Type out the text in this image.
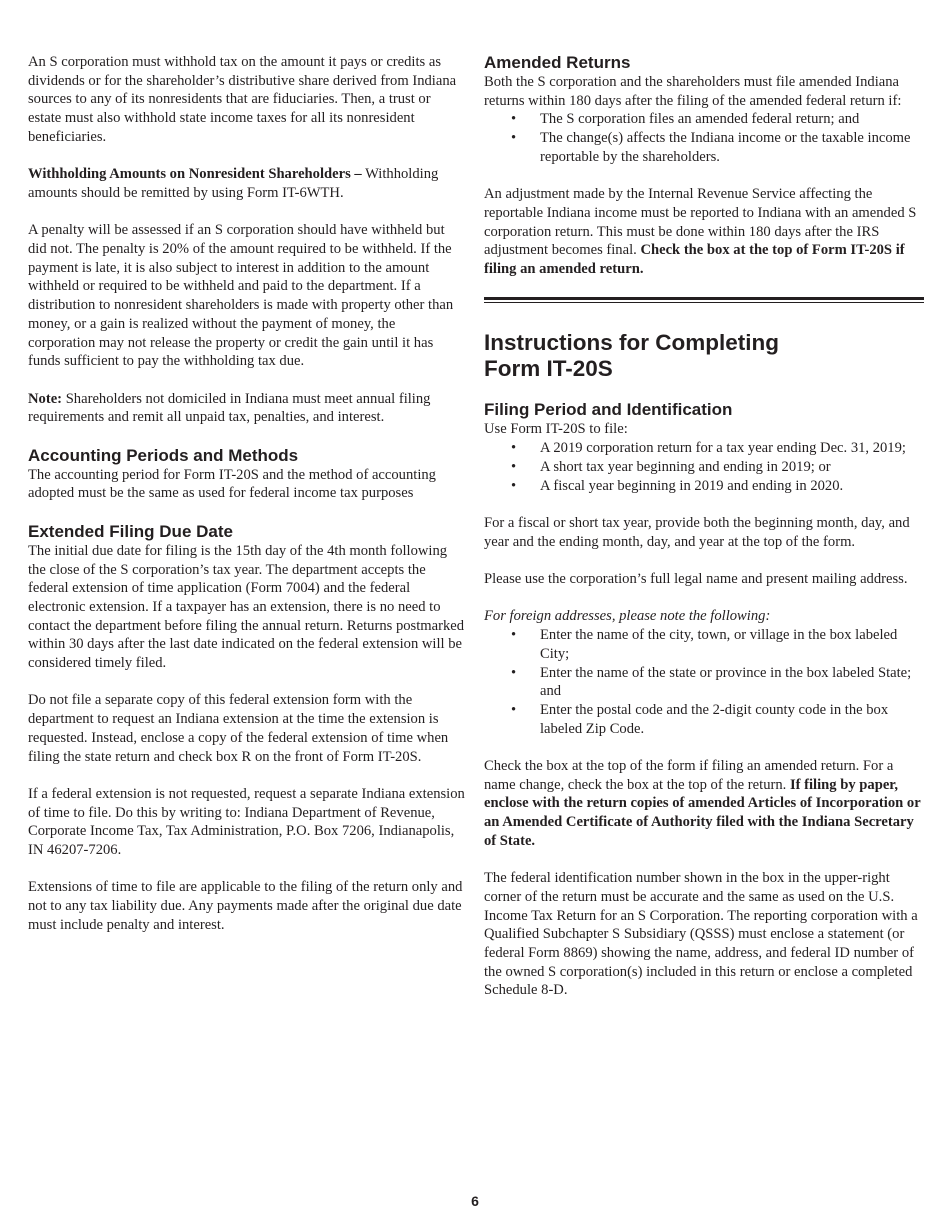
An S corporation must withhold tax on the amount it pays or credits as dividends or for the shareholder’s distributive share derived from Indiana sources to any of its nonresidents that are fiduciaries. Then, a trust or estate must also withhold state income taxes for all its nonresident beneficiaries.

Withholding Amounts on Nonresident Shareholders – Withholding amounts should be remitted by using Form IT-6WTH.

A penalty will be assessed if an S corporation should have withheld but did not. The penalty is 20% of the amount required to be withheld. If the payment is late, it is also subject to interest in addition to the amount withheld or required to be withheld and paid to the department. If a distribution to nonresident shareholders is made with property other than money, or a gain is realized without the payment of money, the corporation may not release the property or credit the gain until it has funds sufficient to pay the withholding tax due.

Note: Shareholders not domiciled in Indiana must meet annual filing requirements and remit all unpaid tax, penalties, and interest.

Accounting Periods and Methods

The accounting period for Form IT-20S and the method of accounting adopted must be the same as used for federal income tax purposes

Extended Filing Due Date

The initial due date for filing is the 15th day of the 4th month following the close of the S corporation’s tax year. The department accepts the federal extension of time application (Form 7004) and the federal electronic extension. If a taxpayer has an extension, there is no need to contact the department before filing the annual return. Returns postmarked within 30 days after the last date indicated on the federal extension will be considered timely filed.

Do not file a separate copy of this federal extension form with the department to request an Indiana extension at the time the extension is requested. Instead, enclose a copy of the federal extension of time when filing the state return and check box R on the front of Form IT-20S.

If a federal extension is not requested, request a separate Indiana extension of time to file. Do this by writing to: Indiana Department of Revenue, Corporate Income Tax, Tax Administration, P.O. Box 7206, Indianapolis, IN 46207-7206.

Extensions of time to file are applicable to the filing of the return only and not to any tax liability due. Any payments made after the original due date must include penalty and interest.

Amended Returns
Both the S corporation and the shareholders must file amended Indiana returns within 180 days after the filing of the amended federal return if:
• The S corporation files an amended federal return; and
• The change(s) affects the Indiana income or the taxable income reportable by the shareholders.

An adjustment made by the Internal Revenue Service affecting the reportable Indiana income must be reported to Indiana with an amended S corporation return. This must be done within 180 days after the IRS adjustment becomes final. Check the box at the top of Form IT-20S if filing an amended return.

Instructions for Completing
Form IT-20S
Filing Period and Identification
Use Form IT-20S to file:
• A 2019 corporation return for a tax year ending Dec. 31, 2019;
• A short tax year beginning and ending in 2019; or
• A fiscal year beginning in 2019 and ending in 2020.

For a fiscal or short tax year, provide both the beginning month, day, and year and the ending month, day, and year at the top of the form.

Please use the corporation’s full legal name and present mailing address.

For foreign addresses, please note the following:
• Enter the name of the city, town, or village in the box labeled City;
• Enter the name of the state or province in the box labeled State; and
• Enter the postal code and the 2-digit county code in the box labeled Zip Code.

Check the box at the top of the form if filing an amended return. For a name change, check the box at the top of the return. If filing by paper, enclose with the return copies of amended Articles of Incorporation or an Amended Certificate of Authority filed with the Indiana Secretary of State.

The federal identification number shown in the box in the upper-right corner of the return must be accurate and the same as used on the U.S. Income Tax Return for an S Corporation. The reporting corporation with a Qualified Subchapter S Subsidiary (QSSS) must enclose a statement (or federal Form 8869) showing the name, address, and federal ID number of the owned S corporation(s) included in this return or enclose a completed Schedule 8-D.

6
